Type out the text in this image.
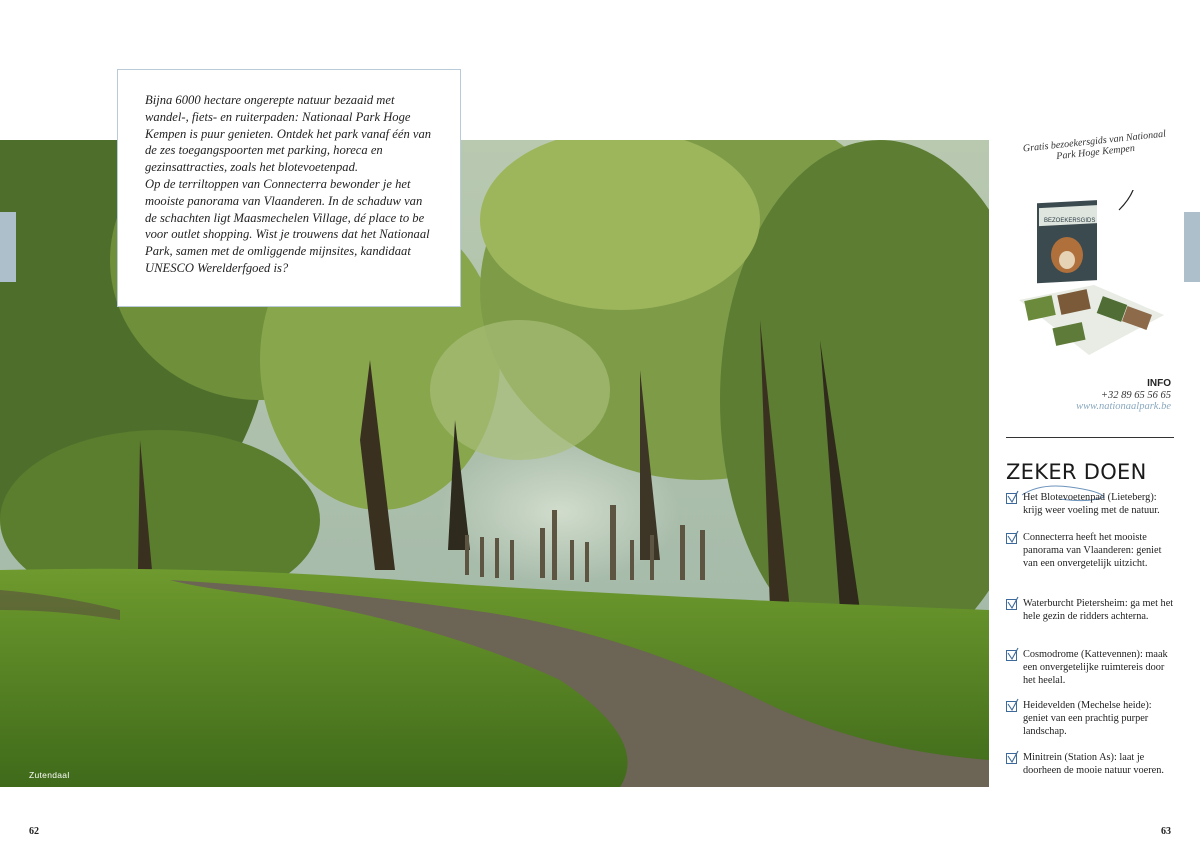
Zutendaal

Bijna 6000 hectare ongerepte natuur bezaaid met wandel-, fiets- en ruiterpaden: Nationaal Park Hoge Kempen is puur genieten. Ontdek het park vanaf één van de zes toegangspoorten met parking, horeca en gezinsattracties, zoals het blotevoetenpad.

Op de terriltoppen van Connecterra bewonder je het mooiste panorama van Vlaanderen. In de schaduw van de schachten ligt Maasmechelen Village, dé place to be voor outlet shopping. Wist je trouwens dat het Nationaal Park, samen met de omliggende mijnsites, kandidaat UNESCO Werelderfgoed is?

Gratis bezoekersgids van Nationaal Park Hoge Kempen
BEZOEKERSGIDS
INFO
+32 89 65 56 65
www.nationaalpark.be
ZEKER DOEN
Het Blotevoetenpad (Lieteberg): krijg weer voeling met de natuur.
Connecterra heeft het mooiste panorama van Vlaanderen: geniet van een onvergetelijk uitzicht.
Waterburcht Pietersheim: ga met het hele gezin de ridders achterna.
Cosmodrome (Kattevennen): maak een onvergetelijke ruimtereis door het heelal.
Heidevelden (Mechelse heide): geniet van een prachtig purper landschap.
Minitrein (Station As): laat je doorheen de mooie natuur voeren.
62	63
